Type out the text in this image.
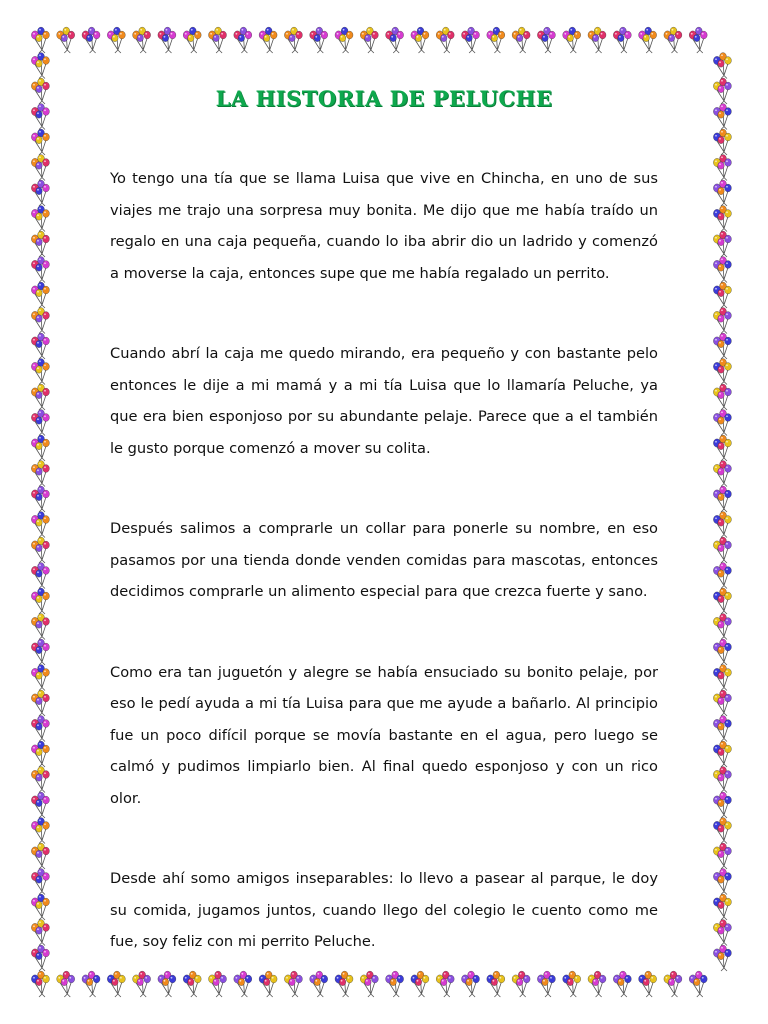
LA HISTORIA DE PELUCHE

Yo tengo una tía que se llama Luisa que vive en Chincha, en uno de sus viajes me trajo una sorpresa muy bonita. Me dijo que me había traído un regalo en una caja pequeña, cuando lo iba abrir dio un ladrido y comenzó a moverse la caja, entonces supe que me había regalado un perrito.

Cuando abrí la caja me quedo mirando, era pequeño y con bastante pelo entonces le dije a mi mamá y a mi tía Luisa que lo llamaría Peluche, ya que era bien esponjoso por su abundante pelaje. Parece que a el también le gusto porque comenzó a mover su colita.

Después salimos a comprarle un collar para ponerle su nombre, en eso pasamos por una tienda donde venden comidas para mascotas, entonces decidimos comprarle un alimento especial para que crezca fuerte y sano.

Como era tan juguetón y alegre se había ensuciado su bonito pelaje, por eso le pedí ayuda a mi tía Luisa para que me ayude a bañarlo. Al principio fue un poco difícil porque se movía bastante en el agua, pero luego se calmó y pudimos limpiarlo bien. Al final quedo esponjoso y con un rico olor.

Desde ahí somo amigos inseparables: lo llevo a pasear al parque, le doy su comida, jugamos juntos, cuando llego del colegio le cuento como me fue, soy feliz con mi perrito Peluche.
